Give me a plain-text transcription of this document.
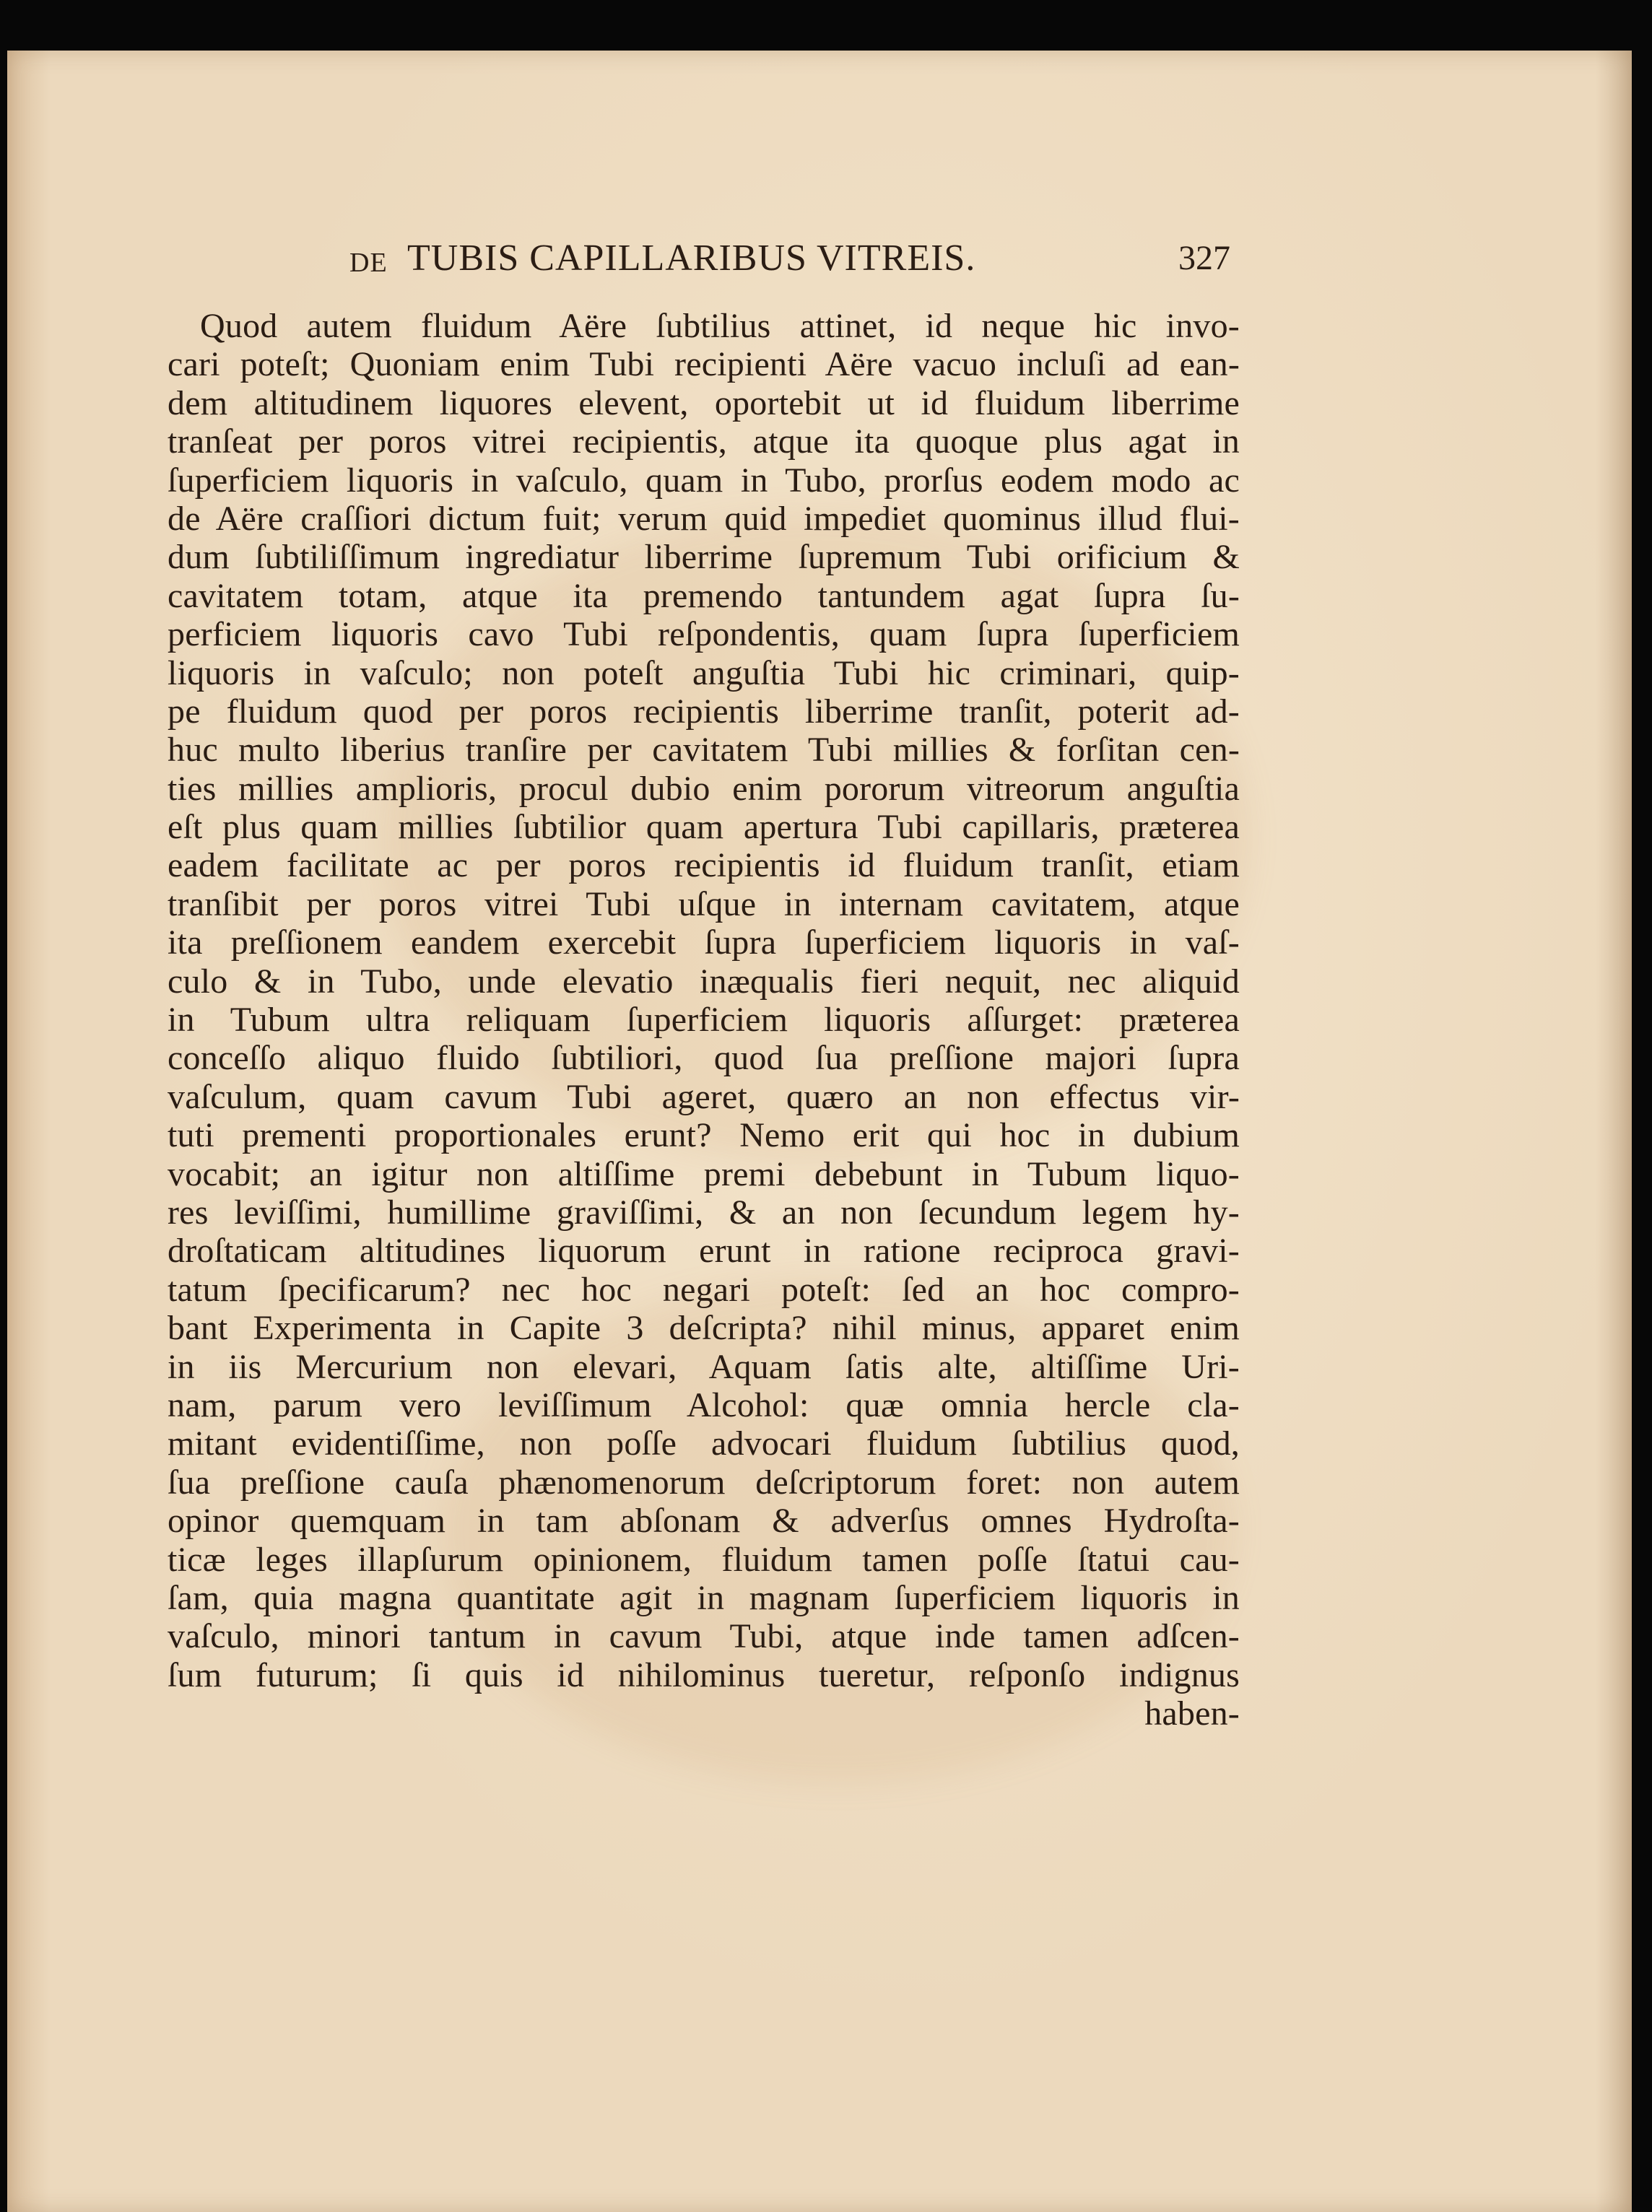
DE TUBIS CAPILLARIBUS VITREIS.	327
Quod autem fluidum Aëre ſubtilius attinet, id neque hic invo-
cari poteſt; Quoniam enim Tubi recipienti Aëre vacuo incluſi ad ean-
dem altitudinem liquores elevent, oportebit ut id fluidum liberrime
tranſeat per poros vitrei recipientis, atque ita quoque plus agat in
ſuperficiem liquoris in vaſculo, quam in Tubo, prorſus eodem modo ac
de Aëre craſſiori dictum fuit; verum quid impediet quominus illud flui-
dum ſubtiliſſimum ingrediatur liberrime ſupremum Tubi orificium &
cavitatem totam, atque ita premendo tantundem agat ſupra ſu-
perficiem liquoris cavo Tubi reſpondentis, quam ſupra ſuperficiem
liquoris in vaſculo; non poteſt anguſtia Tubi hic criminari, quip-
pe fluidum quod per poros recipientis liberrime tranſit, poterit ad-
huc multo liberius tranſire per cavitatem Tubi millies & forſitan cen-
ties millies amplioris, procul dubio enim pororum vitreorum anguſtia
eſt plus quam millies ſubtilior quam apertura Tubi capillaris, præterea
eadem facilitate ac per poros recipientis id fluidum tranſit, etiam
tranſibit per poros vitrei Tubi uſque in internam cavitatem, atque
ita preſſionem eandem exercebit ſupra ſuperficiem liquoris in vaſ-
culo & in Tubo, unde elevatio inæqualis fieri nequit, nec aliquid
in Tubum ultra reliquam ſuperficiem liquoris aſſurget: præterea
conceſſo aliquo fluido ſubtiliori, quod ſua preſſione majori ſupra
vaſculum, quam cavum Tubi ageret, quæro an non effectus vir-
tuti prementi proportionales erunt? Nemo erit qui hoc in dubium
vocabit; an igitur non altiſſime premi debebunt in Tubum liquo-
res leviſſimi, humillime graviſſimi, & an non ſecundum legem hy-
droſtaticam altitudines liquorum erunt in ratione reciproca gravi-
tatum ſpecificarum? nec hoc negari poteſt: ſed an hoc compro-
bant Experimenta in Capite 3 deſcripta? nihil minus, apparet enim
in iis Mercurium non elevari, Aquam ſatis alte, altiſſime Uri-
nam, parum vero leviſſimum Alcohol: quæ omnia hercle cla-
mitant evidentiſſime, non poſſe advocari fluidum ſubtilius quod,
ſua preſſione cauſa phænomenorum deſcriptorum foret: non autem
opinor quemquam in tam abſonam & adverſus omnes Hydroſta-
ticæ leges illapſurum opinionem, fluidum tamen poſſe ſtatui cau-
ſam, quia magna quantitate agit in magnam ſuperficiem liquoris in
vaſculo, minori tantum in cavum Tubi, atque inde tamen adſcen-
ſum futurum; ſi quis id nihilominus tueretur, reſponſo indignus
haben-
